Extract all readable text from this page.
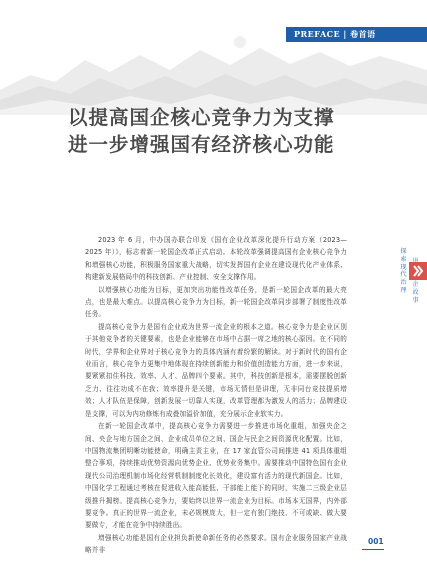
PREFACE | 卷首语
以提高国企核心竞争力为支撑
进一步增强国有经济核心功能

2023 年 6 月，中办国办联合印发《国有企业改革深化提升行动方案（2023—2025 年）》，标志着新一轮国企改革正式启动。本轮改革强调提高国有企业核心竞争力和增强核心功能，积极服务国家重大战略，切实发挥国有企业在建设现代化产业体系、构建新发展格局中的科技创新、产业控制、安全支撑作用。

以增强核心功能为目标，更加突出功能性改革任务，是新一轮国企改革的最大亮点，也是最大难点。以提高核心竞争力为目标，新一轮国企改革同步部署了制度性改革任务。

提高核心竞争力是国有企业成为世界一流企业的根本之道。核心竞争力是企业区别于其他竞争者的关键要素，也是企业能够在市场中占据一席之地的核心原因。在不同的时代，学界和企业界对于核心竞争力的具体内涵有着纷繁的解读。对于新时代的国有企业而言，核心竞争力更集中地体现在持续创新能力和价值创造能力方面，进一步来说，要紧紧扣住科技、效率、人才、品牌四个要素。其中，科技创新是根本，需要摆脱创新乏力、往往功成不在我；效率提升是关键，市场无情但是讲理，无非同台竞技提质增效；人才队伍是保障，创新发展一切靠人实现，改革管理都为激发人的活力；品牌建设是支撑，可以为内功修炼有成叠加溢价加值，充分展示企业软实力。

在新一轮国企改革中，提高核心竞争力需要进一步推进市场化重组，加强央企之间、央企与地方国企之间、企业成员单位之间、国企与民企之间资源优化配置。比如，中国物流集团明晰功能使命，明确主责主业，在 17 家直管公司间推进 41 项具体重组整合事项，持续推动优势资源向优势企业、优势业务集中。需要推动中国特色国有企业现代公司治理机制市场化经营机制制度化长效化，建设富有活力的现代新国企。比如，中国化学工程通过考核在促进收入能高能低、干部能上能下的同时，实施二三级企业层级推升揭榜。提高核心竞争力，要始终以世界一流企业为目标。市场本无国界，内外部要竞争。真正的世界一流企业，未必规模庞大，但一定有独门绝技、不可或缺、做大要要做专，才能在竞争中持续胜出。

增强核心功能是国有企业担负新使命新任务的必然要求。国有企业服务国家产业战略并非

探索现代治理
企故事
001
